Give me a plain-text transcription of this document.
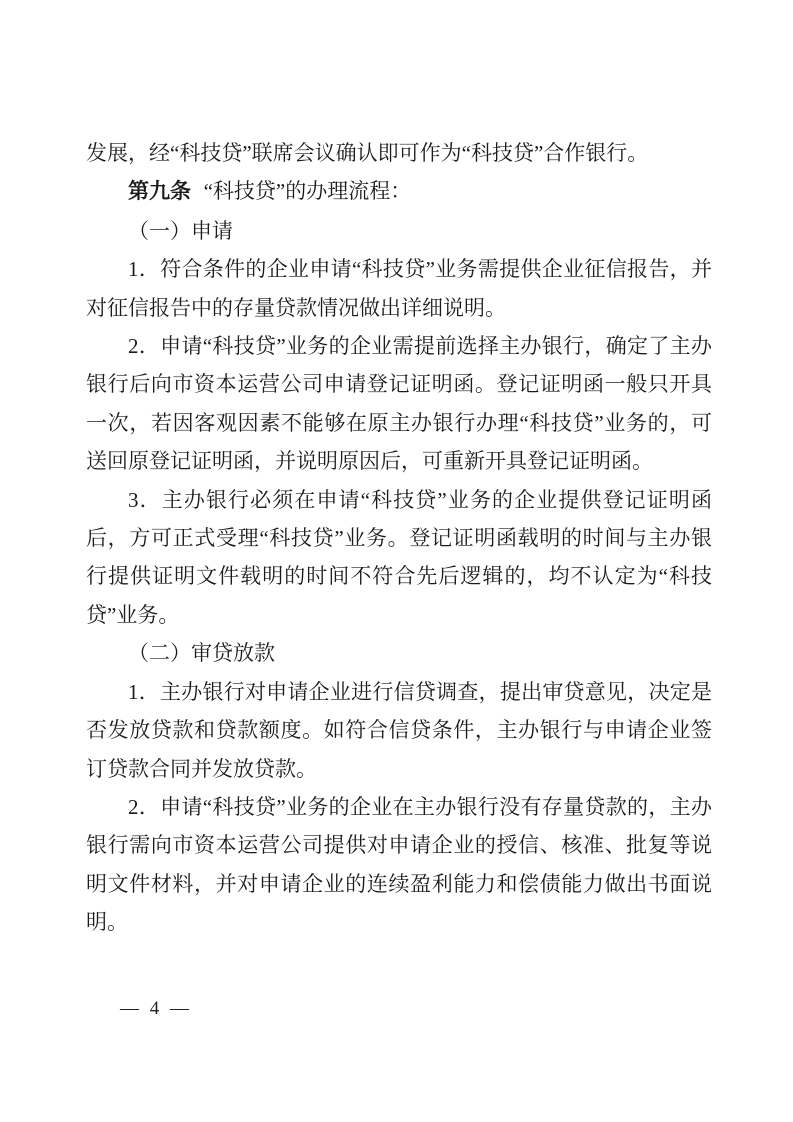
发展，经“科技贷”联席会议确认即可作为“科技贷”合作银行。

第九条 “科技贷”的办理流程：

（一）申请

1．符合条件的企业申请“科技贷”业务需提供企业征信报告，并对征信报告中的存量贷款情况做出详细说明。

2．申请“科技贷”业务的企业需提前选择主办银行，确定了主办银行后向市资本运营公司申请登记证明函。登记证明函一般只开具一次，若因客观因素不能够在原主办银行办理“科技贷”业务的，可送回原登记证明函，并说明原因后，可重新开具登记证明函。

3．主办银行必须在申请“科技贷”业务的企业提供登记证明函后，方可正式受理“科技贷”业务。登记证明函载明的时间与主办银行提供证明文件载明的时间不符合先后逻辑的，均不认定为“科技贷”业务。

（二）审贷放款

1．主办银行对申请企业进行信贷调查，提出审贷意见，决定是否发放贷款和贷款额度。如符合信贷条件，主办银行与申请企业签订贷款合同并发放贷款。

2．申请“科技贷”业务的企业在主办银行没有存量贷款的，主办银行需向市资本运营公司提供对申请企业的授信、核准、批复等说明文件材料，并对申请企业的连续盈利能力和偿债能力做出书面说明。

— 4 —
